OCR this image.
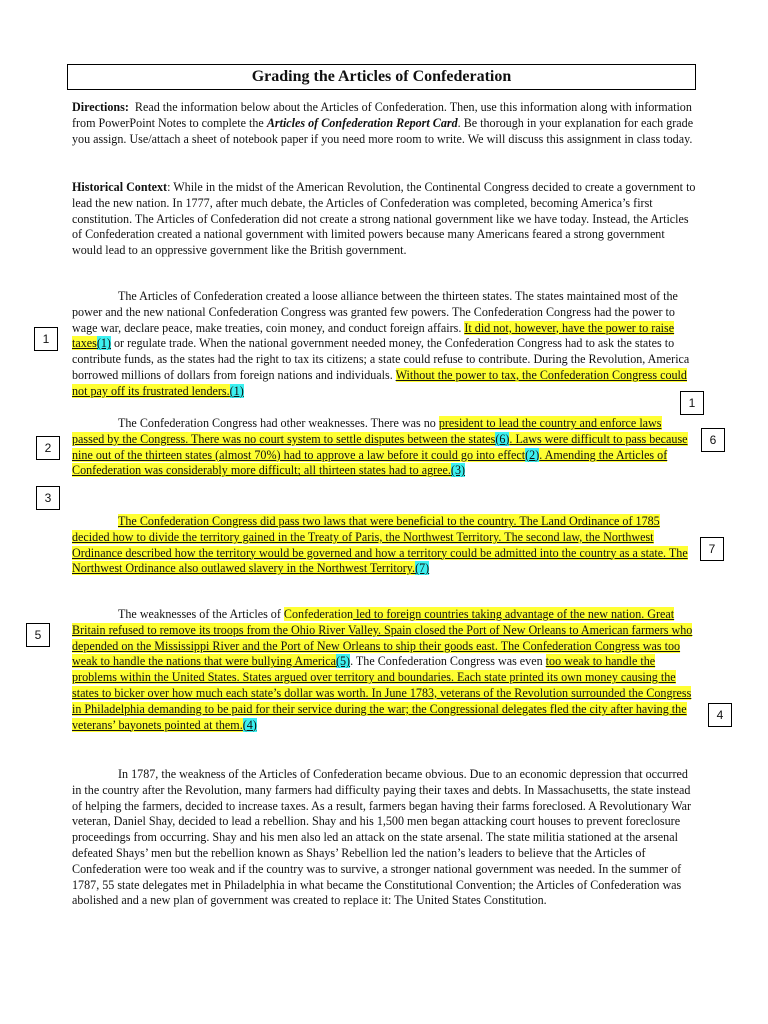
Grading the Articles of Confederation

Directions: Read the information below about the Articles of Confederation. Then, use this information along with information from PowerPoint Notes to complete the Articles of Confederation Report Card. Be thorough in your explanation for each grade you assign. Use/attach a sheet of notebook paper if you need more room to write. We will discuss this assignment in class today.

Historical Context: While in the midst of the American Revolution, the Continental Congress decided to create a government to lead the new nation. In 1777, after much debate, the Articles of Confederation was completed, becoming America’s first constitution. The Articles of Confederation did not create a strong national government like we have today. Instead, the Articles of Confederation created a national government with limited powers because many Americans feared a strong government would lead to an oppressive government like the British government.

The Articles of Confederation created a loose alliance between the thirteen states. The states maintained most of the power and the new national Confederation Congress was granted few powers. The Confederation Congress had the power to wage war, declare peace, make treaties, coin money, and conduct foreign affairs. It did not, however, have the power to raise taxes(1) or regulate trade. When the national government needed money, the Confederation Congress had to ask the states to contribute funds, as the states had the right to tax its citizens; a state could refuse to contribute. During the Revolution, America borrowed millions of dollars from foreign nations and individuals. Without the power to tax, the Confederation Congress could not pay off its frustrated lenders.(1)

The Confederation Congress had other weaknesses. There was no president to lead the country and enforce laws passed by the Congress. There was no court system to settle disputes between the states(6). Laws were difficult to pass because nine out of the thirteen states (almost 70%) had to approve a law before it could go into effect(2). Amending the Articles of Confederation was considerably more difficult; all thirteen states had to agree.(3)

The Confederation Congress did pass two laws that were beneficial to the country. The Land Ordinance of 1785 decided how to divide the territory gained in the Treaty of Paris, the Northwest Territory. The second law, the Northwest Ordinance described how the territory would be governed and how a territory could be admitted into the country as a state. The Northwest Ordinance also outlawed slavery in the Northwest Territory.(7)

The weaknesses of the Articles of Confederation led to foreign countries taking advantage of the new nation. Great Britain refused to remove its troops from the Ohio River Valley. Spain closed the Port of New Orleans to American farmers who depended on the Mississippi River and the Port of New Orleans to ship their goods east. The Confederation Congress was too weak to handle the nations that were bullying America(5). The Confederation Congress was even too weak to handle the problems within the United States. States argued over territory and boundaries. Each state printed its own money causing the states to bicker over how much each state’s dollar was worth. In June 1783, veterans of the Revolution surrounded the Congress in Philadelphia demanding to be paid for their service during the war; the Congressional delegates fled the city after having the veterans’ bayonets pointed at them.(4)

In 1787, the weakness of the Articles of Confederation became obvious. Due to an economic depression that occurred in the country after the Revolution, many farmers had difficulty paying their taxes and debts. In Massachusetts, the state instead of helping the farmers, decided to increase taxes. As a result, farmers began having their farms foreclosed. A Revolutionary War veteran, Daniel Shay, decided to lead a rebellion. Shay and his 1,500 men began attacking court houses to prevent foreclosure proceedings from occurring. Shay and his men also led an attack on the state arsenal. The state militia stationed at the arsenal defeated Shays’ men but the rebellion known as Shays’ Rebellion led the nation’s leaders to believe that the Articles of Confederation were too weak and if the country was to survive, a stronger national government was needed. In the summer of 1787, 55 state delegates met in Philadelphia in what became the Constitutional Convention; the Articles of Confederation was abolished and a new plan of government was created to replace it: The United States Constitution.

1
1
2
6
3
7
5
4
